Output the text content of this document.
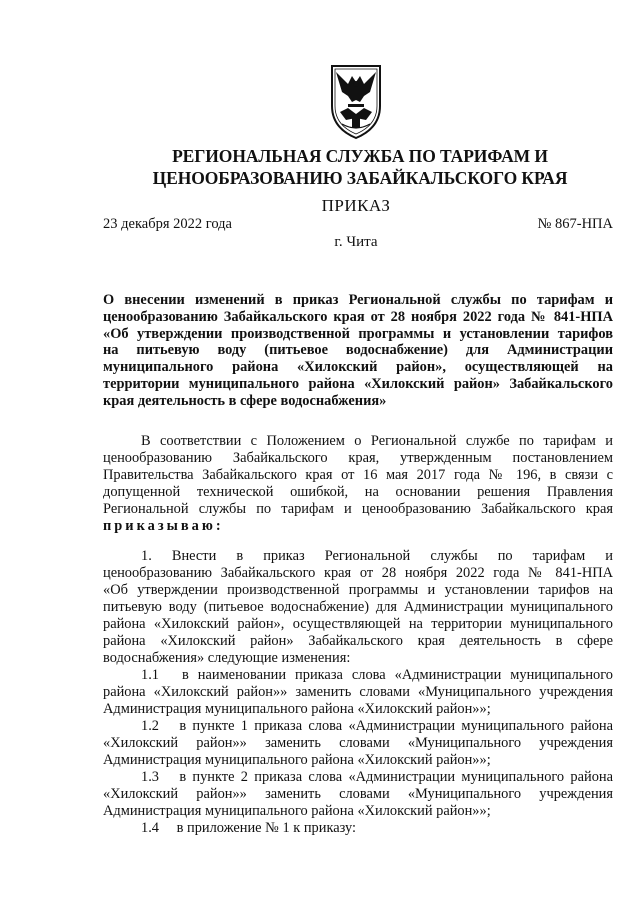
РЕГИОНАЛЬНАЯ СЛУЖБА ПО ТАРИФАМ И
ЦЕНООБРАЗОВАНИЮ ЗАБАЙКАЛЬСКОГО КРАЯ
ПРИКАЗ
23 декабря 2022 года	№ 867-НПА
г. Чита
О внесении изменений в приказ Региональной службы по тарифам и
ценообразованию Забайкальского края от 28 ноября 2022 года № 841-НПА
«Об утверждении производственной программы и установлении тарифов
на питьевую воду (питьевое водоснабжение) для Администрации
муниципального района «Хилокский район», осуществляющей на
территории муниципального района «Хилокский район» Забайкальского
края деятельность в сфере водоснабжения»
В соответствии с Положением о Региональной службе по тарифам и
ценообразованию Забайкальского края, утвержденным постановлением
Правительства Забайкальского края от 16 мая 2017 года № 196, в связи с
допущенной технической ошибкой, на основании решения Правления
Региональной службы по тарифам и ценообразованию Забайкальского края
приказываю:
1. Внести в приказ Региональной службы по тарифам и
ценообразованию Забайкальского края от 28 ноября 2022 года № 841-НПА
«Об утверждении производственной программы и установлении тарифов на
питьевую воду (питьевое водоснабжение) для Администрации муниципального
района «Хилокский район», осуществляющей на территории муниципального
района «Хилокский район» Забайкальского края деятельность в сфере
водоснабжения» следующие изменения:
1.1 в наименовании приказа слова «Администрации муниципального
района «Хилокский район»» заменить словами «Муниципального учреждения
Администрация муниципального района «Хилокский район»»;
1.2 в пункте 1 приказа слова «Администрации муниципального района
«Хилокский район»» заменить словами «Муниципального учреждения
Администрация муниципального района «Хилокский район»»;
1.3 в пункте 2 приказа слова «Администрации муниципального района
«Хилокский район»» заменить словами «Муниципального учреждения
Администрация муниципального района «Хилокский район»»;
1.4 в приложение № 1 к приказу:
